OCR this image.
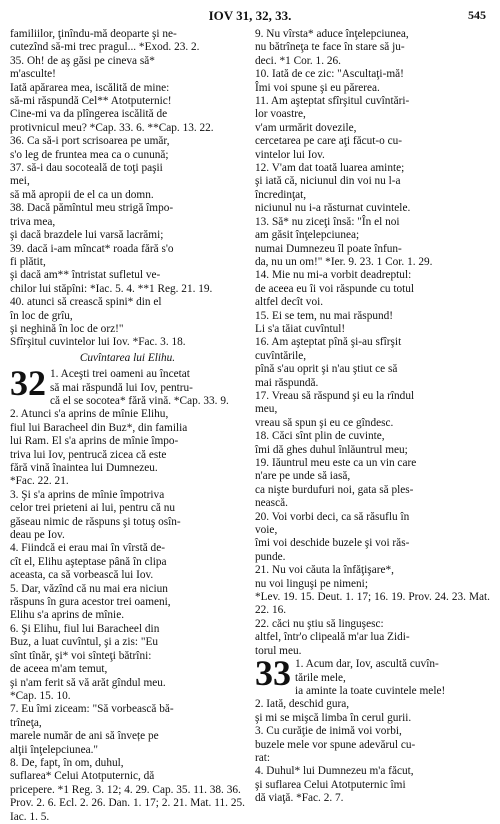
IOV 31, 32, 33.	545

familiilor, ţinîndu-mă deoparte şi ne-

cutezînd să-mi trec pragul... *Exod. 23. 2.

35. Oh! de aş găsi pe cineva să*

m'asculte!

Iată apărarea mea, iscălită de mine:

să-mi răspundă Cel** Atotputernic!

Cine-mi va da plîngerea iscălită de

protivnicul meu? *Cap. 33. 6. **Cap. 13. 22.

36. Ca să-i port scrisoarea pe umăr,

s'o leg de fruntea mea ca o cunună;

37. să-i dau socoteală de toţi paşii

mei,

să mă apropii de el ca un domn.

38. Dacă pămîntul meu strigă împo-

triva mea,

şi dacă brazdele lui varsă lacrămi;

39. dacă i-am mîncat* roada fără s'o

fi plătit,

şi dacă am** întristat sufletul ve-

chilor lui stăpîni: *Iac. 5. 4. **1 Reg. 21. 19.

40. atunci să crească spini* din el

în loc de grîu,

şi neghină în loc de orz!"

Sfîrşitul cuvintelor lui Iov. *Fac. 3. 18.

Cuvîntarea lui Elihu.
32 1. Aceşti trei oameni au încetat

să mai răspundă lui Iov, pentru-

că el se socotea* fără vină. *Cap. 33. 9.

2. Atunci s'a aprins de mînie Elihu,

fiul lui Baracheel din Buz*, din familia

lui Ram. El s'a aprins de mînie împo-

triva lui Iov, pentrucă zicea că este

fără vină înaintea lui Dumnezeu.

*Fac. 22. 21.

3. Şi s'a aprins de mînie împotriva

celor trei prieteni ai lui, pentru că nu

găseau nimic de răspuns şi totuş osîn-

deau pe Iov.

4. Fiindcă ei erau mai în vîrstă de-

cît el, Elihu aşteptase până în clipa

aceasta, ca să vorbească lui Iov.

5. Dar, văzînd că nu mai era niciun

răspuns în gura acestor trei oameni,

Elihu s'a aprins de mînie.

6. Şi Elihu, fiul lui Baracheel din

Buz, a luat cuvîntul, şi a zis: "Eu

sînt tînăr, şi* voi sînteţi bătrîni:

de aceea m'am temut,

şi n'am ferit să vă arăt gîndul meu.

*Cap. 15. 10.

7. Eu îmi ziceam: "Să vorbească bă-

trîneţa,

marele număr de ani să învețe pe

alţii înţelepciunea."

8. De, fapt, în om, duhul,

suflarea* Celui Atotputernic, dă

pricepere. *1 Reg. 3. 12; 4. 29. Cap. 35. 11. 38. 36.

Prov. 2. 6. Ecl. 2. 26. Dan. 1. 17; 2. 21. Mat. 11. 25. Iac. 1. 5.

9. Nu vîrsta* aduce înţelepciunea,

nu bătrîneţa te face în stare să ju-

deci. *1 Cor. 1. 26.

10. Iată de ce zic: "Ascultaţi-mă!

Îmi voi spune şi eu părerea.

11. Am aşteptat sfîrşitul cuvîntări-

lor voastre,

v'am urmărit dovezile,

cercetarea pe care aţi făcut-o cu-

vintelor lui Iov.

12. V'am dat toată luarea aminte;

şi iată că, niciunul din voi nu l-a

încredinţat,

niciunul nu i-a răsturnat cuvintele.

13. Să* nu ziceţi însă: "În el noi

am găsit înţelepciunea;

numai Dumnezeu îl poate înfun-

da, nu un om!" *Ier. 9. 23. 1 Cor. 1. 29.

14. Mie nu mi-a vorbit deadreptul:

de aceea eu îi voi răspunde cu totul

altfel decît voi.

15. Ei se tem, nu mai răspund!

Li s'a tăiat cuvîntul!

16. Am aşteptat pînă şi-au sfîrşit

cuvîntările,

pînă s'au oprit şi n'au ştiut ce să

mai răspundă.

17. Vreau să răspund şi eu la rîndul

meu,

vreau să spun şi eu ce gîndesc.

18. Căci sînt plin de cuvinte,

îmi dă ghes duhul înlăuntrul meu;

19. Iăuntrul meu este ca un vin care

n'are pe unde să iasă,

ca nişte burdufuri noi, gata să ples-

nească.

20. Voi vorbi deci, ca să răsuflu în

voie,

îmi voi deschide buzele şi voi răs-

punde.

21. Nu voi căuta la înfăţişare*,

nu voi linguşi pe nimeni;

*Lev. 19. 15. Deut. 1. 17; 16. 19. Prov. 24. 23. Mat. 22. 16.

22. căci nu ştiu să linguşesc:

altfel, într'o clipeală m'ar lua Zidi-

torul meu.

33 1. Acum dar, Iov, ascultă cuvîn-

tările mele,

ia aminte la toate cuvintele mele!

2. Iată, deschid gura,

şi mi se mişcă limba în cerul gurii.

3. Cu curăţie de inimă voi vorbi,

buzele mele vor spune adevărul cu-

rat:

4. Duhul* lui Dumnezeu m'a făcut,

şi suflarea Celui Atotputernic îmi

dă viaţă. *Fac. 2. 7.
